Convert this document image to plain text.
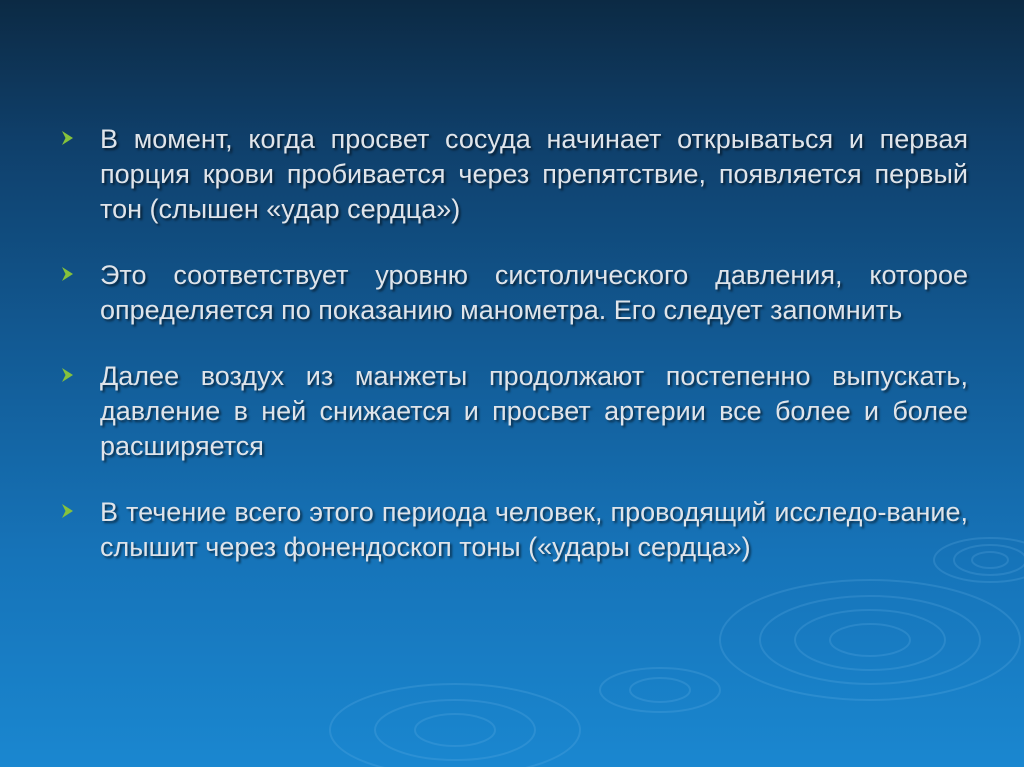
В момент, когда просвет сосуда начинает открываться и первая порция крови пробивается через препятствие, появляется первый тон (слышен «удар сердца»)
Это соответствует уровню систолического давления, которое определяется по показанию манометра. Его следует запомнить
Далее воздух из манжеты продолжают постепенно выпускать, давление в ней снижается и просвет артерии все более и более расширяется
В течение всего этого периода человек, проводящий исследо-вание, слышит через фонендоскоп тоны («удары сердца»)
